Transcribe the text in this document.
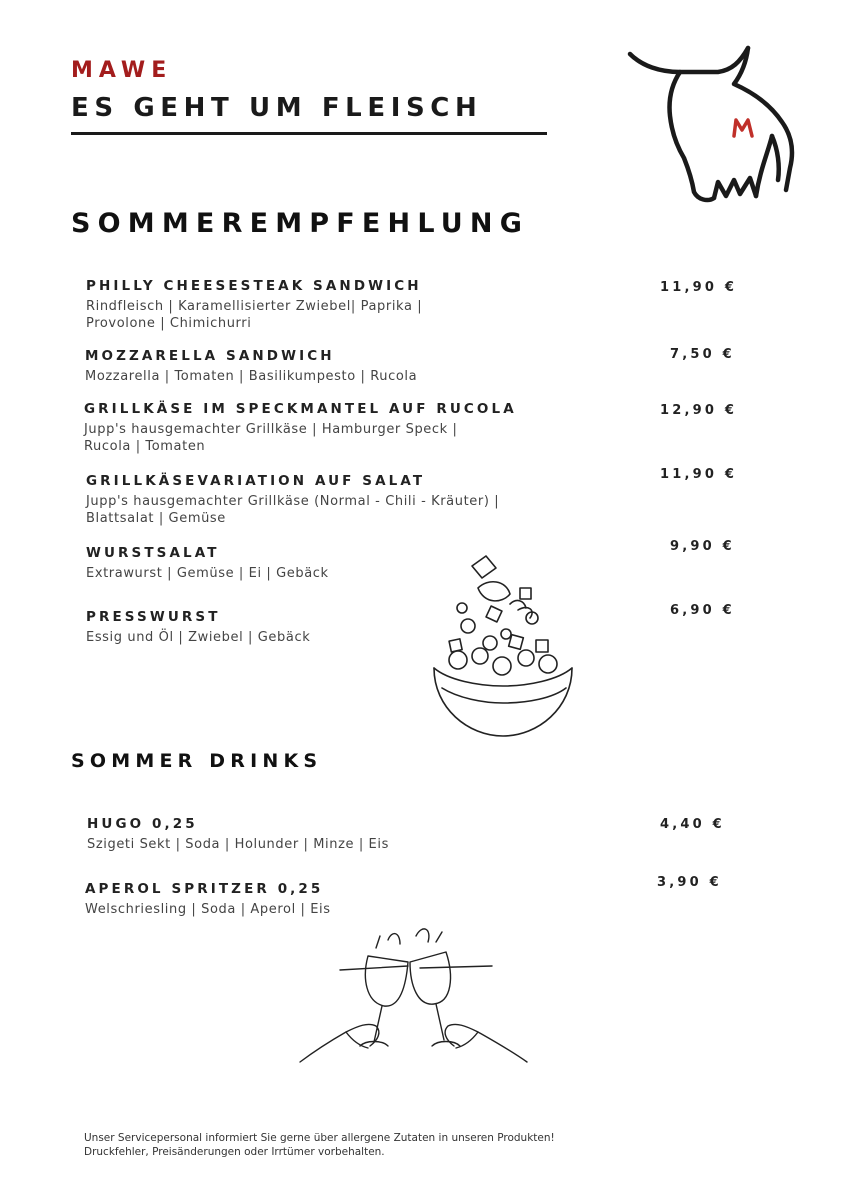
MAWE
ES GEHT UM FLEISCH
SOMMEREMPFEHLUNG
PHILLY CHEESESTEAK SANDWICH
Rindfleisch | Karamellisierter Zwiebel| Paprika |
Provolone | Chimichurri
11,90 €
MOZZARELLA SANDWICH
Mozzarella | Tomaten | Basilikumpesto | Rucola
7,50 €
GRILLKÄSE IM SPECKMANTEL AUF RUCOLA
Jupp's hausgemachter Grillkäse | Hamburger Speck |
Rucola | Tomaten
12,90 €
GRILLKÄSEVARIATION AUF SALAT
Jupp's hausgemachter Grillkäse (Normal - Chili - Kräuter) |
Blattsalat | Gemüse
11,90 €
WURSTSALAT
Extrawurst | Gemüse | Ei | Gebäck
9,90 €
PRESSWURST
Essig und Öl | Zwiebel | Gebäck
6,90 €
SOMMER DRINKS
HUGO 0,25
Szigeti Sekt | Soda | Holunder | Minze | Eis
4,40 €
APEROL SPRITZER 0,25
Welschriesling | Soda | Aperol | Eis
3,90 €
Unser Servicepersonal informiert Sie gerne über allergene Zutaten in unseren Produkten!
Druckfehler, Preisänderungen oder Irrtümer vorbehalten.
